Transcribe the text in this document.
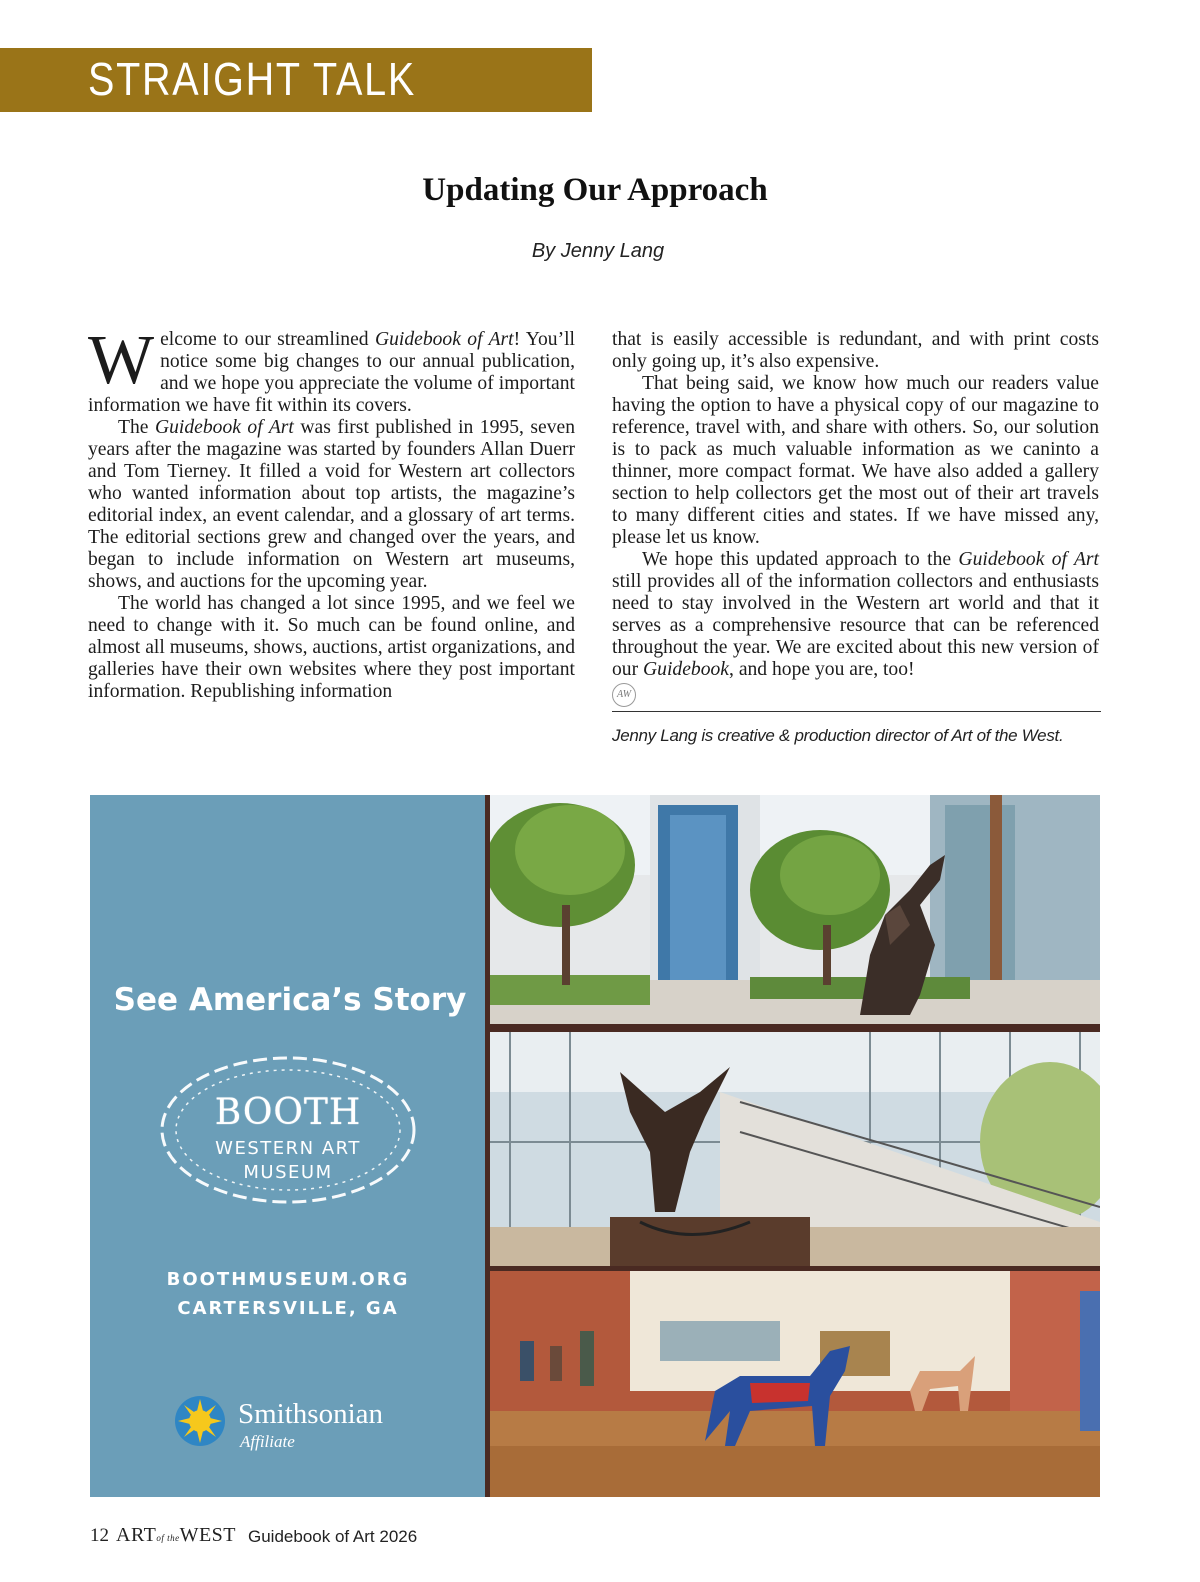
STRAIGHT TALK
Updating Our Approach
By Jenny Lang

Welcome to our streamlined Guidebook of Art! You’ll notice some big changes to our annual publication, and we hope you appreciate the volume of important information we have fit within its covers.

The Guidebook of Art was first published in 1995, seven years after the magazine was started by founders Allan Duerr and Tom Tierney. It filled a void for Western art collectors who wanted information about top artists, the magazine’s editorial index, an event calendar, and a glossary of art terms. The editorial sections grew and changed over the years, and began to include information on Western art museums, shows, and auctions for the upcoming year.

The world has changed a lot since 1995, and we feel we need to change with it. So much can be found online, and almost all museums, shows, auctions, artist organizations, and galleries have their own websites where they post important information. Republishing information

that is easily accessible is redundant, and with print costs only going up, it’s also expensive.

That being said, we know how much our readers value having the option to have a physical copy of our magazine to reference, travel with, and share with others. So, our solution is to pack as much valuable information as we caninto a thinner, more compact format. We have also added a gallery section to help collectors get the most out of their art travels to many different cities and states. If we have missed any, please let us know.

We hope this updated approach to the Guidebook of Art still provides all of the information collectors and enthusiasts need to stay involved in the Western art world and that it serves as a comprehensive resource that can be referenced throughout the year. We are excited about this new version of our Guidebook, and hope you are, too!

AW

Jenny Lang is creative & production director of Art of the West.
See America’s Story
BOOTH
WESTERN ART
MUSEUM
BOOTHMUSEUM.ORG
CARTERSVILLE, GA
Smithsonian
Affiliate
12 ARTof theWEST Guidebook of Art 2026
